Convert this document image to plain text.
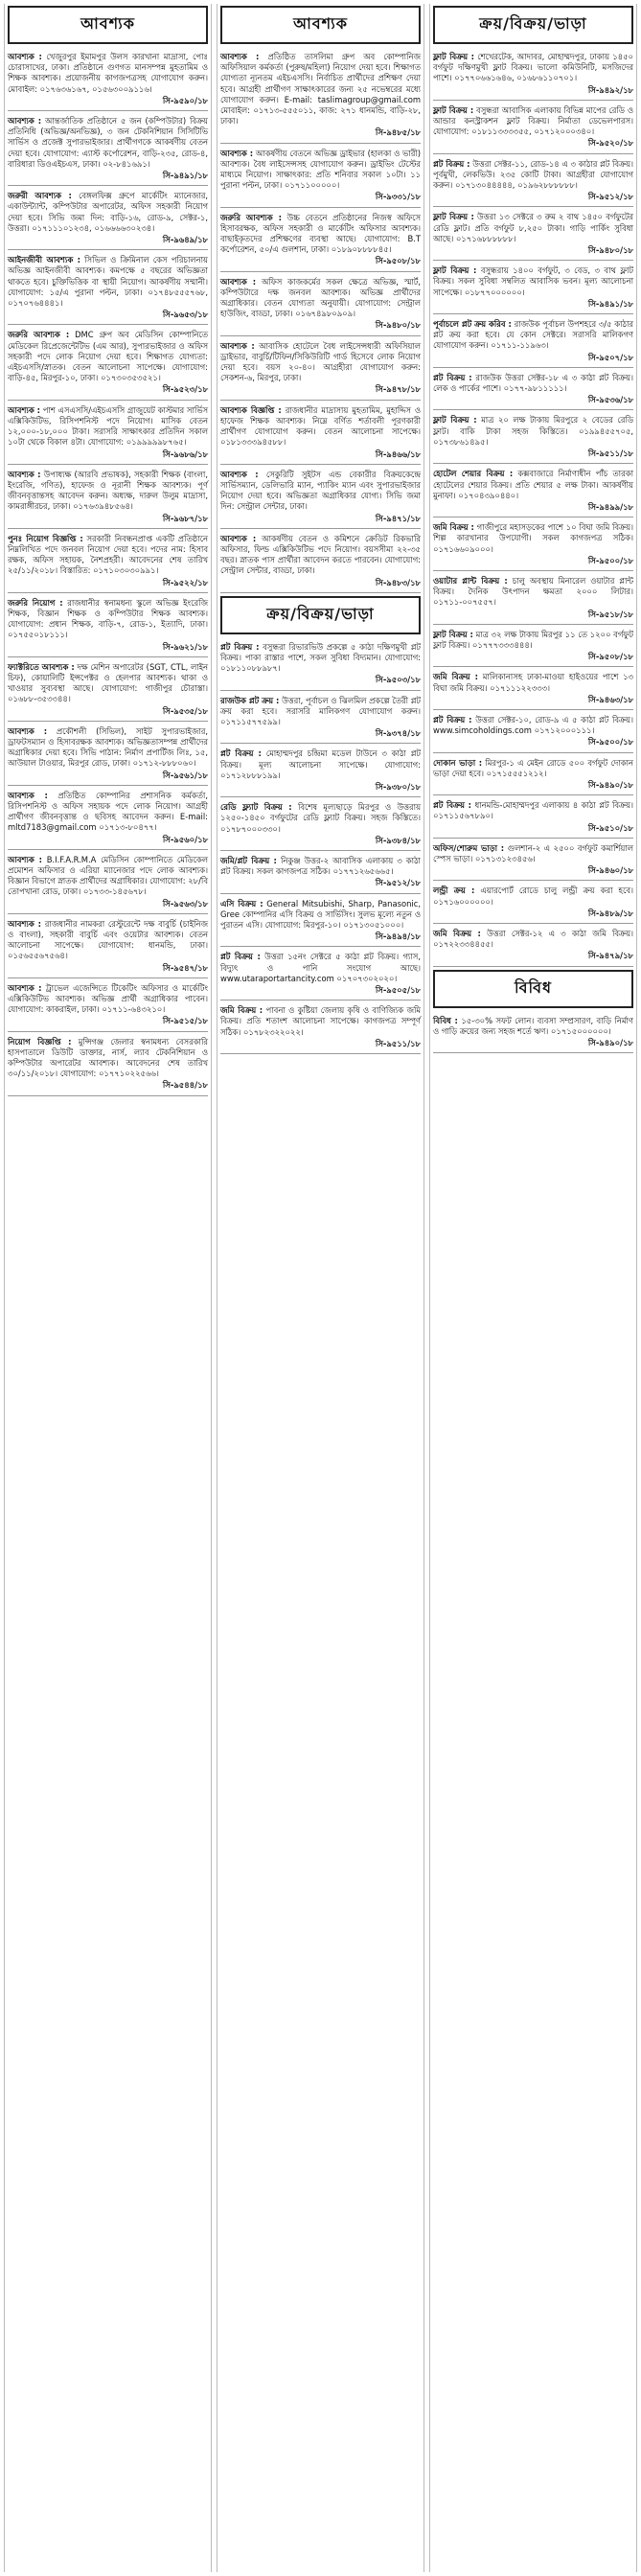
আবশ্যক
আবশ্যক : খেজুরপুর ইমামপুর উলস কারখানা মাদ্রাসা, পোঃ চোরাসাখের, ঢাকা। প্রতিষ্ঠানে গুণগত মানসম্পন্ন মুহতামিম ও শিক্ষক আবশ্যক। প্রয়োজনীয় কাগজপত্রসহ যোগাযোগ করুন। মোবাইল: ০১৭৬৩৬১৬৭, ০১৫৬৩০০৯১১৬।
সি-৯৫৯০/১৮
আবশ্যক : আন্তর্জাতিক প্রতিষ্ঠানে ৫ জন (কম্পিউটার) বিক্রয় প্রতিনিধি (অভিজ্ঞ/অনভিজ্ঞ), ৩ জন টেকনিশিয়ান সিসিটিভি সার্ভিস ও প্রজেক্ট সুপারভাইজার। প্রার্থীগণকে আকর্ষণীয় বেতন দেয়া হবে। যোগাযোগ: এ্যাস্ট কর্পোরেশন, বাড়ি-২৩৫, রোড-৪, বারিধারা ডিওএইচএস, ঢাকা। ০২-৮৪১৬৯১।
সি-৯৪৯১/১৮
জরুরী আবশ্যক : বেঙ্গলফিক্স গ্রুপে মার্কেটিং ম্যানেজার, একাউন্ট্যান্ট, কম্পিউটার অপারেটর, অফিস সহকারী নিয়োগ দেয়া হবে। সিভি জমা দিন: বাড়ি-১৬, রোড-৯, সেক্টর-১, উত্তরা। ০১৭১১১০১২৩৪, ০১৬৬৬৬৩০২৩৪।
সি-৯৬৪৯/১৮
আইনজীবী আবশ্যক : সিভিল ও ক্রিমিনাল কেস পরিচালনায় অভিজ্ঞ আইনজীবী আবশ্যক। কমপক্ষে ৫ বছরের অভিজ্ঞতা থাকতে হবে। চুক্তিভিত্তিক বা স্থায়ী নিয়োগ। আকর্ষণীয় সম্মানী। যোগাযোগ: ১৫/এ পুরানা পল্টন, ঢাকা। ০১৭৪৮৫৫৫৭৬৮, ০১৭০৭৬৪৪৪১।
সি-৯৬৫৩/১৮
জরুরি আবশ্যক : DMC গ্রুপ অব মেডিসিন কোম্পানিতে মেডিকেল রিপ্রেজেন্টেটিভ (এম আর), সুপারভাইজার ও অফিস সহকারী পদে লোক নিয়োগ দেয়া হবে। শিক্ষাগত যোগ্যতা: এইচএসসি/স্নাতক। বেতন আলোচনা সাপেক্ষে। যোগাযোগ: বাড়ি-৪৫, মিরপুর-১০, ঢাকা। ০১৭৩০৩৫৩৫২১।
সি-৯৫২৩/১৮
আবশ্যক : পাশ এসএসসি/এইচএসসি গ্রাজুয়েট কাস্টমার সার্ভিস এক্সিকিউটিভ, রিসিপশনিস্ট পদে নিয়োগ। মাসিক বেতন ১২,০০০-১৮,০০০ টাকা। সরাসরি সাক্ষাৎকার প্রতিদিন সকাল ১০টা থেকে বিকাল ৪টা। যোগাযোগ: ০১৯৯৯৯৯৮৭৬৫।
সি-৯৬৮৬/১৮
আবশ্যক : উপাধ্যক্ষ (আরবি প্রভাষক), সহকারী শিক্ষক (বাংলা, ইংরেজি, গণিত), হাফেজ ও নূরানী শিক্ষক আবশ্যক। পূর্ণ জীবনবৃত্তান্তসহ আবেদন করুন। অধ্যক্ষ, দারুল উলুম মাদ্রাসা, কামরাঙ্গীরচর, ঢাকা। ০১৭৬৩৯৪৮৫৬৪।
সি-৯৬৮৭/১৮
পুনঃ নিয়োগ বিজ্ঞপ্তি : সরকারী নিবন্ধনপ্রাপ্ত একটি প্রতিষ্ঠানে নিম্নলিখিত পদে জনবল নিয়োগ দেয়া হবে। পদের নাম: হিসাব রক্ষক, অফিস সহায়ক, নৈশপ্রহরী। আবেদনের শেষ তারিখ ২৫/১১/২০১৮। বিস্তারিত: ০১৭১০৩০৩০৯৯১।
সি-৯৫২২/১৮
জরুরি নিয়োগ : রাজধানীর স্বনামধন্য স্কুলে অভিজ্ঞ ইংরেজি শিক্ষক, বিজ্ঞান শিক্ষক ও কম্পিউটার শিক্ষক আবশ্যক। যোগাযোগ: প্রধান শিক্ষক, বাড়ি-৭, রোড-১, ইত্যাদি, ঢাকা। ০১৭৫৫০১৮১১১।
সি-৯৬২১/১৮
ফ্যাক্টরিতে আবশ্যক : দক্ষ মেশিন অপারেটর (SGT, CTL, লাইন চিফ), কোয়ালিটি ইন্সপেক্টর ও হেলপার আবশ্যক। থাকা ও খাওয়ার সুব্যবস্থা আছে। যোগাযোগ: গাজীপুর চৌরাস্তা। ০১৬৮৮-৩৫৩৩৪৪।
সি-৯৫৩৫/১৮
আবশ্যক : প্রকৌশলী (সিভিল), সাইট সুপারভাইজার, ড্রাফটসম্যান ও হিসাবরক্ষক আবশ্যক। অভিজ্ঞতাসম্পন্ন প্রার্থীদের অগ্রাধিকার দেয়া হবে। সিভি পাঠান: নির্মাণ প্রপার্টিজ লিঃ, ১৫, আউয়াল টাওয়ার, মিরপুর রোড, ঢাকা। ০১৭১২-৮৮৮০৬০।
সি-৯৫৬১/১৮
আবশ্যক : প্রতিষ্ঠিত কোম্পানির প্রশাসনিক কর্মকর্তা, রিসিপশনিস্ট ও অফিস সহায়ক পদে লোক নিয়োগ। আগ্রহী প্রার্থীগণ জীবনবৃত্তান্ত ও ছবিসহ আবেদন করুন। E-mail: mltd7183@gmail.com ০১৭১৩-৮০৪৭৭।
সি-৯৫৬০/১৮
আবশ্যক : B.I.F.A.R.M.A মেডিসিন কোম্পানিতে মেডিকেল প্রমোশন অফিসার ও এরিয়া ম্যানেজার পদে লোক আবশ্যক। বিজ্ঞান বিভাগে স্নাতক প্রার্থীদের অগ্রাধিকার। যোগাযোগ: ২৮/বি তোপখানা রোড, ঢাকা। ০১৭৩৩-১৪৫৬৭৮।
সি-৯৫৬৩/১৮
আবশ্যক : রাজধানীর নামকরা রেস্টুরেন্টে দক্ষ বাবুর্চি (চাইনিজ ও বাংলা), সহকারী বাবুর্চি এবং ওয়েটার আবশ্যক। বেতন আলোচনা সাপেক্ষে। যোগাযোগ: ধানমন্ডি, ঢাকা। ০১৫৬৫৫৬৭৫৬৪।
সি-৯৫৪৭/১৮
আবশ্যক : ট্রাভেল এজেন্সিতে টিকেটিং অফিসার ও মার্কেটিং এক্সিকিউটিভ আবশ্যক। অভিজ্ঞ প্রার্থী অগ্রাধিকার পাবেন। যোগাযোগ: কাকরাইল, ঢাকা। ০১৭১১-৬৪৩২১০।
সি-৯৫১৫/১৮
নিয়োগ বিজ্ঞপ্তি : মুন্সিগঞ্জ জেলার স্বনামধন্য বেসরকারি হাসপাতালে ডিউটি ডাক্তার, নার্স, ল্যাব টেকনিশিয়ান ও কম্পিউটার অপারেটর আবশ্যক। আবেদনের শেষ তারিখ ৩০/১১/২০১৮। যোগাযোগ: ০১৭৭১০২২৫৬৬।
সি-৯৫৪৪/১৮
আবশ্যক
আবশ্যক : প্রতিষ্ঠিত তাসলিমা গ্রুপ অব কোম্পানিজ অফিসিয়াল কর্মকর্তা (পুরুষ/মহিলা) নিয়োগ দেয়া হবে। শিক্ষাগত যোগ্যতা ন্যূনতম এইচএসসি। নির্বাচিত প্রার্থীদের প্রশিক্ষণ দেয়া হবে। আগ্রহী প্রার্থীগণ সাক্ষাৎকারের জন্য ২৫ নভেম্বরের মধ্যে যোগাযোগ করুন। E-mail: taslimagroup@gmail.com মোবাইল: ০১৭১৩-৫৫৫০১১, কাজ: ২৭১ ধানমন্ডি, বাড়ি-২৮, ঢাকা।
সি-৯৪৮৫/১৮
আবশ্যক : আকর্ষণীয় বেতনে অভিজ্ঞ ড্রাইভার (হালকা ও ভারী) আবশ্যক। বৈধ লাইসেন্সসহ যোগাযোগ করুন। ড্রাইভিং টেস্টের মাধ্যমে নিয়োগ। সাক্ষাৎকার: প্রতি শনিবার সকাল ১০টা। ১১ পুরানা পল্টন, ঢাকা। ০১৭১১০০০০০।
সি-৯৩৩১/১৮
জরুরি আবশ্যক : উচ্চ বেতনে প্রতিষ্ঠানের নিজস্ব অফিসে হিসাবরক্ষক, অফিস সহকারী ও মার্কেটিং অফিসার আবশ্যক। বাছাইকৃতদের প্রশিক্ষণের ব্যবস্থা আছে। যোগাযোগ: B.T কর্পোরেশন, ৫০/এ গুলশান, ঢাকা। ০১৮৯০৮৮৮৮৪৫।
সি-৯৫০৮/১৮
আবশ্যক : অফিস কাজকর্মের সকল ক্ষেত্রে অভিজ্ঞ, স্মার্ট, কম্পিউটারে দক্ষ জনবল আবশ্যক। অভিজ্ঞ প্রার্থীদের অগ্রাধিকার। বেতন যোগ্যতা অনুযায়ী। যোগাযোগ: সেন্ট্রাল হাউজিং, বাড্ডা, ঢাকা। ০১৬৭৪৯৮০৯০৯।
সি-৯৪৮০/১৮
আবশ্যক : আবাসিক হোটেলে বৈধ লাইসেন্সধারী অফিসিয়াল ড্রাইভার, বাবুর্চি/টিফিন/সিকিউরিটি গার্ড হিসেবে লোক নিয়োগ দেয়া হবে। বয়স ২০-৪০। আগ্রহীরা যোগাযোগ করুন: সেকশন-৬, মিরপুর, ঢাকা।
সি-৯৪৭৮/১৮
আবশ্যক বিজ্ঞপ্তি : রাজধানীর মাদ্রাসায় মুহতামিম, মুহাদ্দিস ও হাফেজ শিক্ষক আবশ্যক। নিম্নে বর্ণিত শর্তাবলী পূরণকারী প্রার্থীগণ যোগাযোগ করুন। বেতন আলোচনা সাপেক্ষে। ০১৮১৩৩৩৯৪৫৮৮।
সি-৯৪৬৬/১৮
আবশ্যক : সেকুরিটি সুইটস এন্ড বেকারীর বিক্রয়কেন্দ্রে সার্ভিসম্যান, ডেলিভারি ম্যান, প্যাকিং ম্যান এবং সুপারভাইজার নিয়োগ দেয়া হবে। অভিজ্ঞতা অগ্রাধিকার যোগ্য। সিভি জমা দিন: সেন্ট্রাল সেন্টার, ঢাকা।
সি-৯৪৭১/১৮
আবশ্যক : আকর্ষণীয় বেতন ও কমিশনে ক্রেডিট রিকভারি অফিসার, ফিল্ড এক্সিকিউটিভ পদে নিয়োগ। বয়সসীমা ২২-৩৫ বছর। স্নাতক পাস প্রার্থীরা আবেদন করতে পারবেন। যোগাযোগ: সেন্ট্রাল সেন্টার, বাড্ডা, ঢাকা।
সি-৯৪৮৩/১৮
ক্রয়/বিক্রয়/ভাড়া
প্লট বিক্রয় : বসুন্ধরা রিভারভিউ প্রকল্পে ৫ কাঠা দক্ষিণমুখী প্লট বিক্রয়। পাকা রাস্তার পাশে, সকল সুবিধা বিদ্যমান। যোগাযোগ: ০১৮১১০৮৮৯৮৭।
সি-৯৫০৩/১৮
রাজউক প্লট ক্রয় : উত্তরা, পূর্বাচল ও ঝিলমিল প্রকল্পে তৈরী প্লট ক্রয় করা হবে। সরাসরি মালিকগণ যোগাযোগ করুন। ০১৭১১৫৭৭৫৯৯।
সি-৯৩৭৪/১৮
প্লট বিক্রয় : মোহাম্মদপুর চন্দ্রিমা মডেল টাউনে ৩ কাঠা প্লট বিক্রয়। মূল্য আলোচনা সাপেক্ষে। যোগাযোগ: ০১৭১২৮৮৮১৯৯।
সি-৯৩৮০/১৮
রেডি ফ্ল্যাট বিক্রয় : বিশেষ মূল্যছাড়ে মিরপুর ও উত্তরায় ১২৫০-১৪৫০ বর্গফুটের রেডি ফ্ল্যাট বিক্রয়। সহজ কিস্তিতে। ০১৭৮৭০০০৩৩০।
সি-৯৩৮৪/১৮
জমি/প্লট বিক্রয় : নিকুঞ্জ উত্তর-২ আবাসিক এলাকায় ৩ কাঠা প্লট বিক্রয়। সকল কাগজপত্র সঠিক। ০১৭৭১২৬৫৬৬৫।
সি-৯৫১২/১৮
এসি বিক্রয় : General Mitsubishi, Sharp, Panasonic, Gree কোম্পানির এসি বিক্রয় ও সার্ভিসিং। সুলভ মূল্যে নতুন ও পুরাতন এসি। যোগাযোগ: মিরপুর-১০। ০১৭১৩০৫১০০০।
সি-৯৪৯৪/১৮
প্লট বিক্রয় : উত্তরা ১৫নং সেক্টরে ৫ কাঠা প্লট বিক্রয়। গ্যাস, বিদ্যুৎ ও পানি সংযোগ আছে। www.utaraportartancity.com ০১৭০৭৩০২০২০।
সি-৯৫০৫/১৮
জমি বিক্রয় : পাবনা ও কুষ্টিয়া জেলায় কৃষি ও বাণিজ্যিক জমি বিক্রয়। প্রতি শতাংশ আলোচনা সাপেক্ষে। কাগজপত্র সম্পূর্ণ সঠিক। ০১৭৮২৩২২০২২।
সি-৯৫১১/১৮
ক্রয়/বিক্রয়/ভাড়া
ফ্লাট বিক্রয় : শেখেরটেক, আদাবর, মোহাম্মদপুর, ঢাকায় ১৪৫০ বর্গফুট দক্ষিণমুখী ফ্লাট বিক্রয়। ভালো কমিউনিটি, মসজিদের পাশে। ০১৭৭০৬৬১৬৪৬, ০১৬৮৬১১০৭০১।
সি-৯৪৯২/১৮
ফ্লাট বিক্রয় : বসুন্ধরা আবাসিক এলাকায় বিভিন্ন মাপের রেডি ও আন্ডার কনস্ট্রাকশন ফ্লাট বিক্রয়। নির্মাতা ডেভেলপারস। যোগাযোগ: ০১৮১১৩৩৩৩৫৫, ০১৭১২০০০৩৪০।
সি-৯৫২০/১৮
প্লট বিক্রয় : উত্তরা সেক্টর-১১, রোড-১৪ এ ৩ কাঠার প্লট বিক্রয়। পূর্বমুখী, লেকভিউ। ২৩৫ কোটি টাকা। আগ্রহীরা যোগাযোগ করুন। ০১৭১৩০৪৪৪৪৪, ০১৯৬২৮৮৮৮৮৮।
সি-৯৫১২/১৮
ফ্লাট বিক্রয় : উত্তরা ১৩ সেক্টরে ৩ রুম ২ বাথ ১৪৫০ বর্গফুটের রেডি ফ্লাট। প্রতি বর্গফুট ৮,২৫০ টাকা। গাড়ি পার্কিং সুবিধা আছে। ০১৭১৬৮৮৮৮৮৮।
সি-৯৪৮০/১৮
ফ্লাট বিক্রয় : বসুন্ধরায় ১৪০০ বর্গফুট, ৩ বেড, ৩ বাথ ফ্লাট বিক্রয়। সকল সুবিধা সম্বলিত আবাসিক ভবন। মূল্য আলোচনা সাপেক্ষে। ০১৮৭৭০০০০০০।
সি-৯৪৯১/১৮
পূর্বাচলে প্লট ক্রয় করিব : রাজউক পূর্বাচল উপশহরে ৩/৫ কাঠার প্লট ক্রয় করা হবে। যে কোন সেক্টরে। সরাসরি মালিকগণ যোগাযোগ করুন। ০১৭১১-১১৯৬৩।
সি-৯৫০৭/১৮
প্লট বিক্রয় : রাজউক উত্তরা সেক্টর-১৮ এ ৩ কাঠা প্লট বিক্রয়। লেক ও পার্কের পাশে। ০১৭৭-৯৮১১১১১।
সি-৯৫৩৬/১৮
ফ্লাট বিক্রয় : মাত্র ২০ লক্ষ টাকায় মিরপুরে ২ বেডের রেডি ফ্লাট। বাকি টাকা সহজ কিস্তিতে। ০১৯৯৪৫৫৭০৫, ০১৭৩৮৬১৪৯৫।
সি-৯৫১১/১৮
হোটেল শেয়ার বিক্রয় : কক্সবাজারে নির্মাণাধীন পাঁচ তারকা হোটেলের শেয়ার বিক্রয়। প্রতি শেয়ার ৫ লক্ষ টাকা। আকর্ষণীয় মুনাফা। ০১৭০৪৩৯০৪৪০।
সি-৯৪৯৯/১৮
জমি বিক্রয় : গাজীপুরে মহাসড়কের পাশে ১০ বিঘা জমি বিক্রয়। শিল্প কারখানার উপযোগী। সকল কাগজপত্র সঠিক। ০১৭১৬৬০৯০০০।
সি-৯৫০০/১৮
ওয়াটার প্লান্ট বিক্রয় : চালু অবস্থায় মিনারেল ওয়াটার প্লান্ট বিক্রয়। দৈনিক উৎপাদন ক্ষমতা ২০০০ লিটার। ০১৭১১-০০৭৫৫৭।
সি-৯৫১৮/১৮
ফ্লাট বিক্রয় : মাত্র ৩২ লক্ষ টাকায় মিরপুর ১১ তে ১২০০ বর্গফুট ফ্লাট বিক্রয়। ০১৭৭৭৩৩৩৪৪৪।
সি-৯৫০৮/১৮
জমি বিক্রয় : মালিকানাসহ ঢাকা-মাওয়া হাইওয়ের পাশে ১৩ বিঘা জমি বিক্রয়। ০১৭১১১২২৩৩৩।
সি-৯৪৬৩/১৮
প্লট বিক্রয় : উত্তরা সেক্টর-১০, রোড-৯ এ ৫ কাঠা প্লট বিক্রয়। www.simcoholdings.com ০১৭১২০০০১১১।
সি-৯৫০০/১৮
দোকান ভাড়া : মিরপুর-১ এ মেইন রোডে ৫০০ বর্গফুট দোকান ভাড়া দেয়া হবে। ০১৭১৫৫৫১২১২।
সি-৯৪৯০/১৮
প্লট বিক্রয় : ধানমন্ডি-মোহাম্মদপুর এলাকায় ৪ কাঠা প্লট বিক্রয়। ০১৭১১৫৬৭৮৯০।
সি-৯৫১০/১৮
অফিস/শোরুম ভাড়া : গুলশান-২ এ ২৫০০ বর্গফুট কমার্শিয়াল স্পেস ভাড়া। ০১৭১৩১২৩৪৫৬।
সি-৯৪৬০/১৮
লন্ড্রী ক্রয় : এয়ারপোর্ট রোডে চালু লন্ড্রী ক্রয় করা হবে। ০১৭১৬০০০০০০।
সি-৯৪৮৯/১৮
জমি বিক্রয় : উত্তরা সেক্টর-১২ এ ৩ কাঠা জমি বিক্রয়। ০১৭২২৩৩৪৪৫৫।
সি-৯৪৭৯/১৮
বিবিধ
বিবিধ : ১৫-৩০% সফট লোন। ব্যবসা সম্প্রসারণ, বাড়ি নির্মাণ ও গাড়ি ক্রয়ের জন্য সহজ শর্তে ঋণ। ০১৭১৫০০০০০০।
সি-৯৪৯০/১৮
